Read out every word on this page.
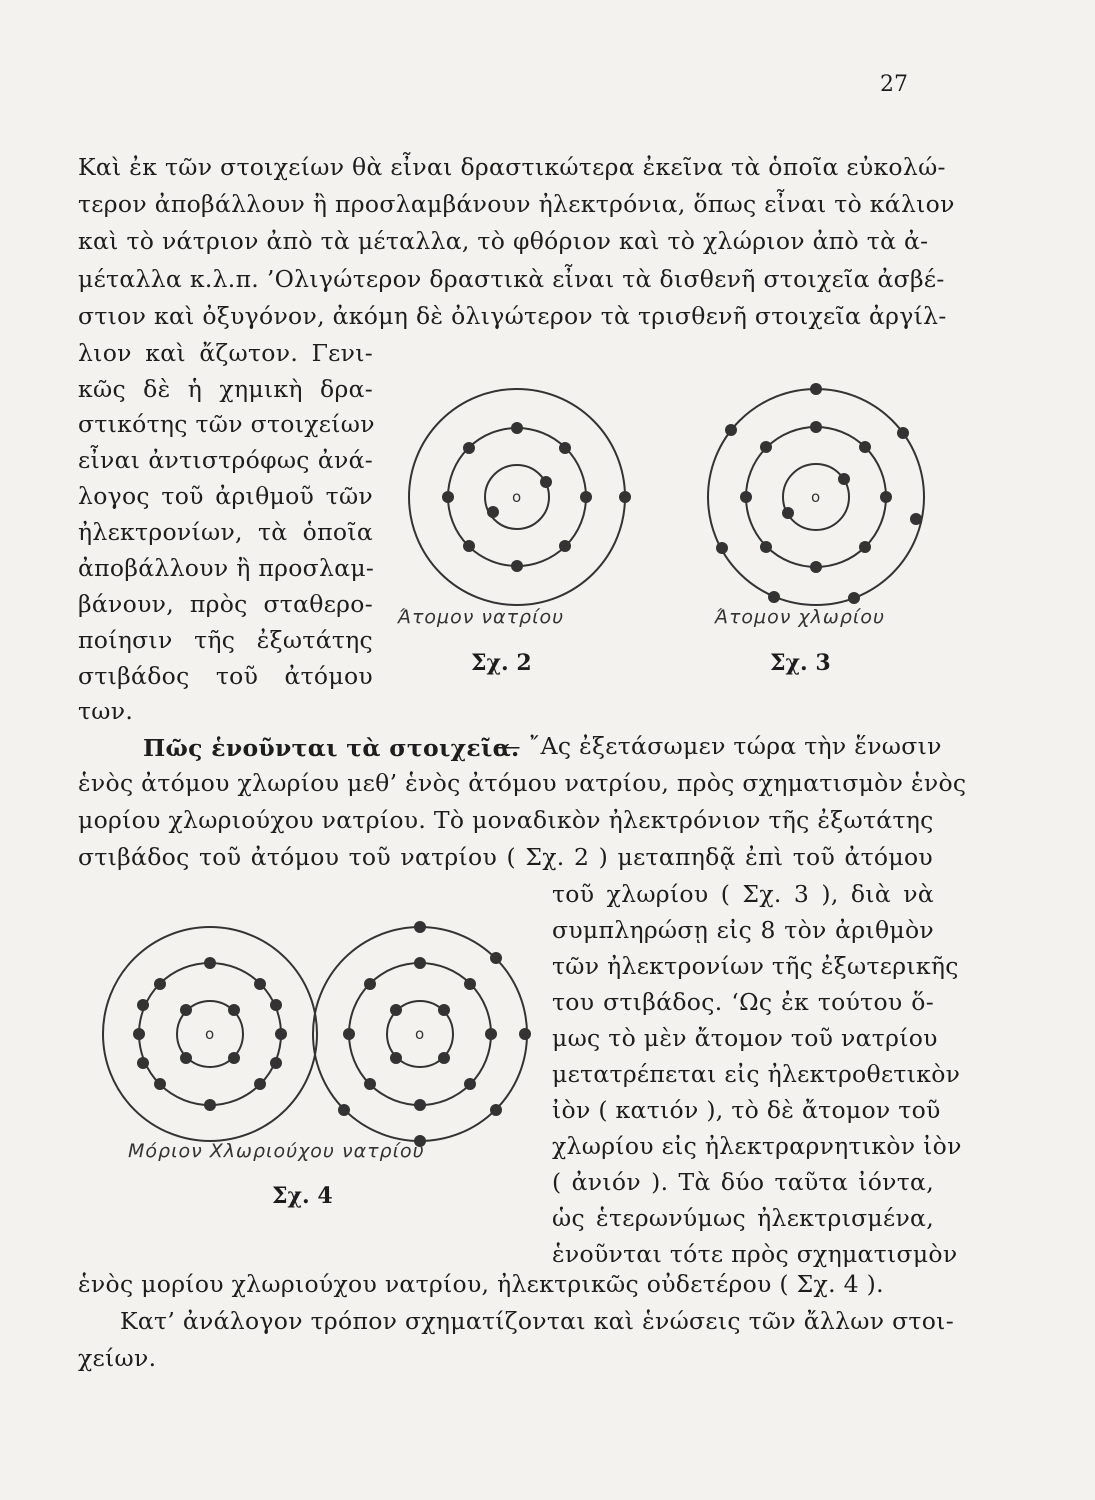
27
Καὶ ἐκ τῶν στοιχείων θὰ εἶναι δραστικώτερα ἐκεῖνα τὰ ὁποῖα εὐκολώ-
τερον ἀποβάλλουν ἢ προσλαμβάνουν ἠλεκτρόνια, ὅπως εἶναι τὸ κάλιον
καὶ τὸ νάτριον ἀπὸ τὰ μέταλλα, τὸ φθόριον καὶ τὸ χλώριον ἀπὸ τὰ ἀ-
μέταλλα κ.λ.π. ’Ολιγώτερον δραστικὰ εἶναι τὰ δισθενῆ στοιχεῖα ἀσβέ-
στιον καὶ ὀξυγόνον, ἀκόμη δὲ ὀλιγώτερον τὰ τρισθενῆ στοιχεῖα ἀργίλ-
λιον καὶ ἄζωτον. Γενι-
κῶς δὲ ἡ χημικὴ δρα-
στικότης τῶν στοιχείων
εἶναι ἀντιστρόφως ἀνά-
λογος τοῦ ἀριθμοῦ τῶν
ἠλεκτρονίων, τὰ ὁποῖα
ἀποβάλλουν ἢ προσλαμ-
βάνουν, πρὸς σταθερο-
ποίησιν τῆς ἐξωτάτης
στιβάδος τοῦ ἀτόμου
των.
o
Άτομον νατρίου
Σχ. 2
o
Άτομον χλωρίου
Σχ. 3
Πῶς ἑνοῦνται τὰ στοιχεῖα.
— ῎Ας ἐξετάσωμεν τώρα τὴν ἕνωσιν
ἑνὸς ἀτόμου χλωρίου μεθ’ ἑνὸς ἀτόμου νατρίου, πρὸς σχηματισμὸν ἑνὸς
μορίου χλωριούχου νατρίου. Τὸ μοναδικὸν ἠλεκτρόνιον τῆς ἐξωτάτης
στιβάδος τοῦ ἀτόμου τοῦ νατρίου ( Σχ. 2 ) μεταπηδᾷ ἐπὶ τοῦ ἀτόμου
τοῦ χλωρίου ( Σχ. 3 ), διὰ νὰ
συμπληρώσῃ εἰς 8 τὸν ἀριθμὸν
τῶν ἠλεκτρονίων τῆς ἐξωτερικῆς
του στιβάδος. ‘Ως ἐκ τούτου ὅ-
μως τὸ μὲν ἄτομον τοῦ νατρίου
μετατρέπεται εἰς ἠλεκτροθετικὸν
ἰὸν ( κατιόν ), τὸ δὲ ἄτομον τοῦ
χλωρίου εἰς ἠλεκτραρνητικὸν ἰὸν
( ἀνιόν ). Τὰ δύο ταῦτα ἰόντα,
ὡς ἑτερωνύμως ἠλεκτρισμένα,
ἑνοῦνται τότε πρὸς σχηματισμὸν
o	o
Μόριον Χλωριούχου νατρίου
Σχ. 4
ἑνὸς μορίου χλωριούχου νατρίου, ἠλεκτρικῶς οὐδετέρου ( Σχ. 4 ).
Κατ’ ἀνάλογον τρόπον σχηματίζονται καὶ ἑνώσεις τῶν ἄλλων στοι-
χείων.
